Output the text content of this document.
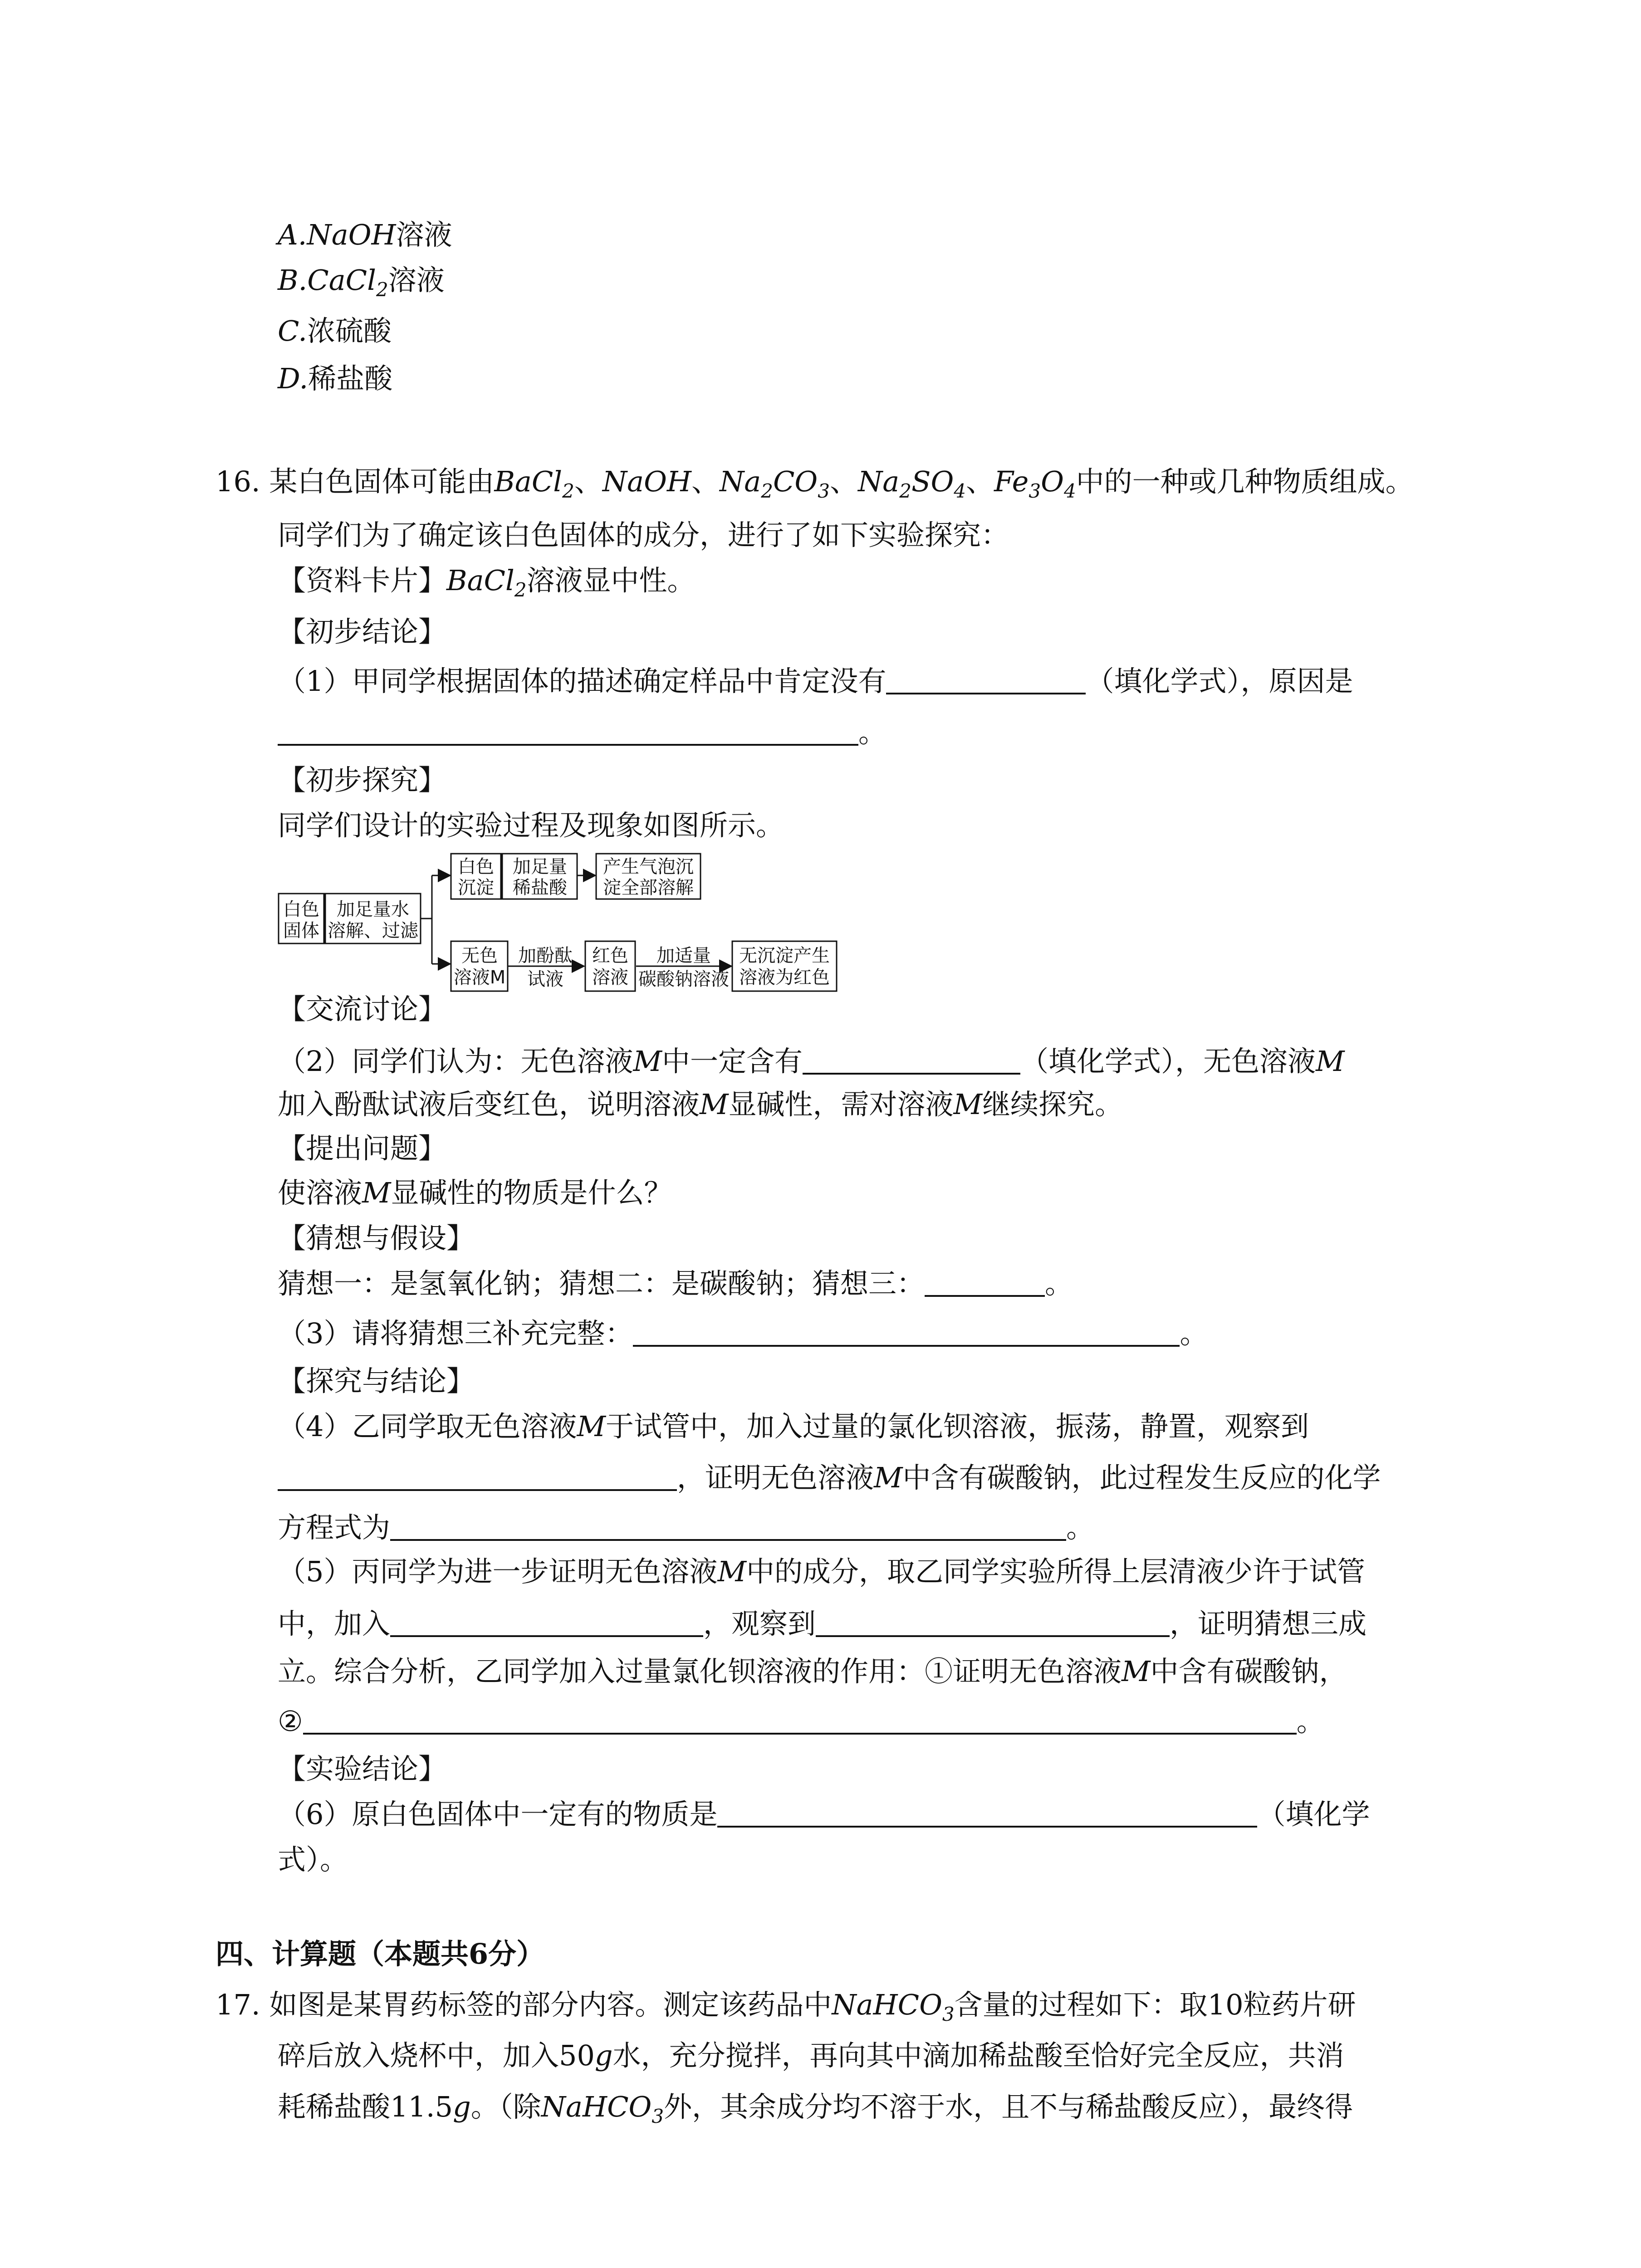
A.NaOH溶液
B.CaCl$_2$溶液
C.浓硫酸
D.稀盐酸
16. 某白色固体可能由BaCl$_2$、NaOH、$Na_2CO_3$、$Na_2SO_4$、$Fe_3O_4$中的一种或几种物质组成。
同学们为了确定该白色固体的成分，进行了如下实验探究：
【资料卡片】BaCl$_2$溶液显中性。
【初步结论】
（1）甲同学根据固体的描述确定样品中肯定没有	（填化学式），原因是
。
【初步探究】
同学们设计的实验过程及现象如图所示。
白色
固体
加足量水
溶解、过滤
白色
沉淀
加足量
稀盐酸
产生气泡沉
淀全部溶解
无色
溶液M
加酚酞
试液
红色
溶液
加适量
碳酸钠溶液
无沉淀产生
溶液为红色
【交流讨论】
（2）同学们认为：无色溶液M中一定含有	（填化学式），无色溶液M
加入酚酞试液后变红色，说明溶液M显碱性，需对溶液M继续探究。
【提出问题】
使溶液M显碱性的物质是什么？
【猜想与假设】
猜想一：是氢氧化钠；猜想二：是碳酸钠；猜想三：	。
（3）请将猜想三补充完整：	。
【探究与结论】
（4）乙同学取无色溶液M于试管中，加入过量的氯化钡溶液，振荡，静置，观察到
，证明无色溶液M中含有碳酸钠，此过程发生反应的化学
方程式为	。
（5）丙同学为进一步证明无色溶液M中的成分，取乙同学实验所得上层清液少许于试管
中，加入	，观察到	，证明猜想三成
立。综合分析，乙同学加入过量氯化钡溶液的作用：①证明无色溶液M中含有碳酸钠，
②	。
【实验结论】
（6）原白色固体中一定有的物质是	（填化学
式）。
四、计算题（本题共6分）
17. 如图是某胃药标签的部分内容。测定该药品中NaHCO$_3$含量的过程如下：取10粒药片研
碎后放入烧杯中，加入50g水，充分搅拌，再向其中滴加稀盐酸至恰好完全反应，共消
耗稀盐酸11.5g。（除NaHCO$_3$外，其余成分均不溶于水，且不与稀盐酸反应），最终得
